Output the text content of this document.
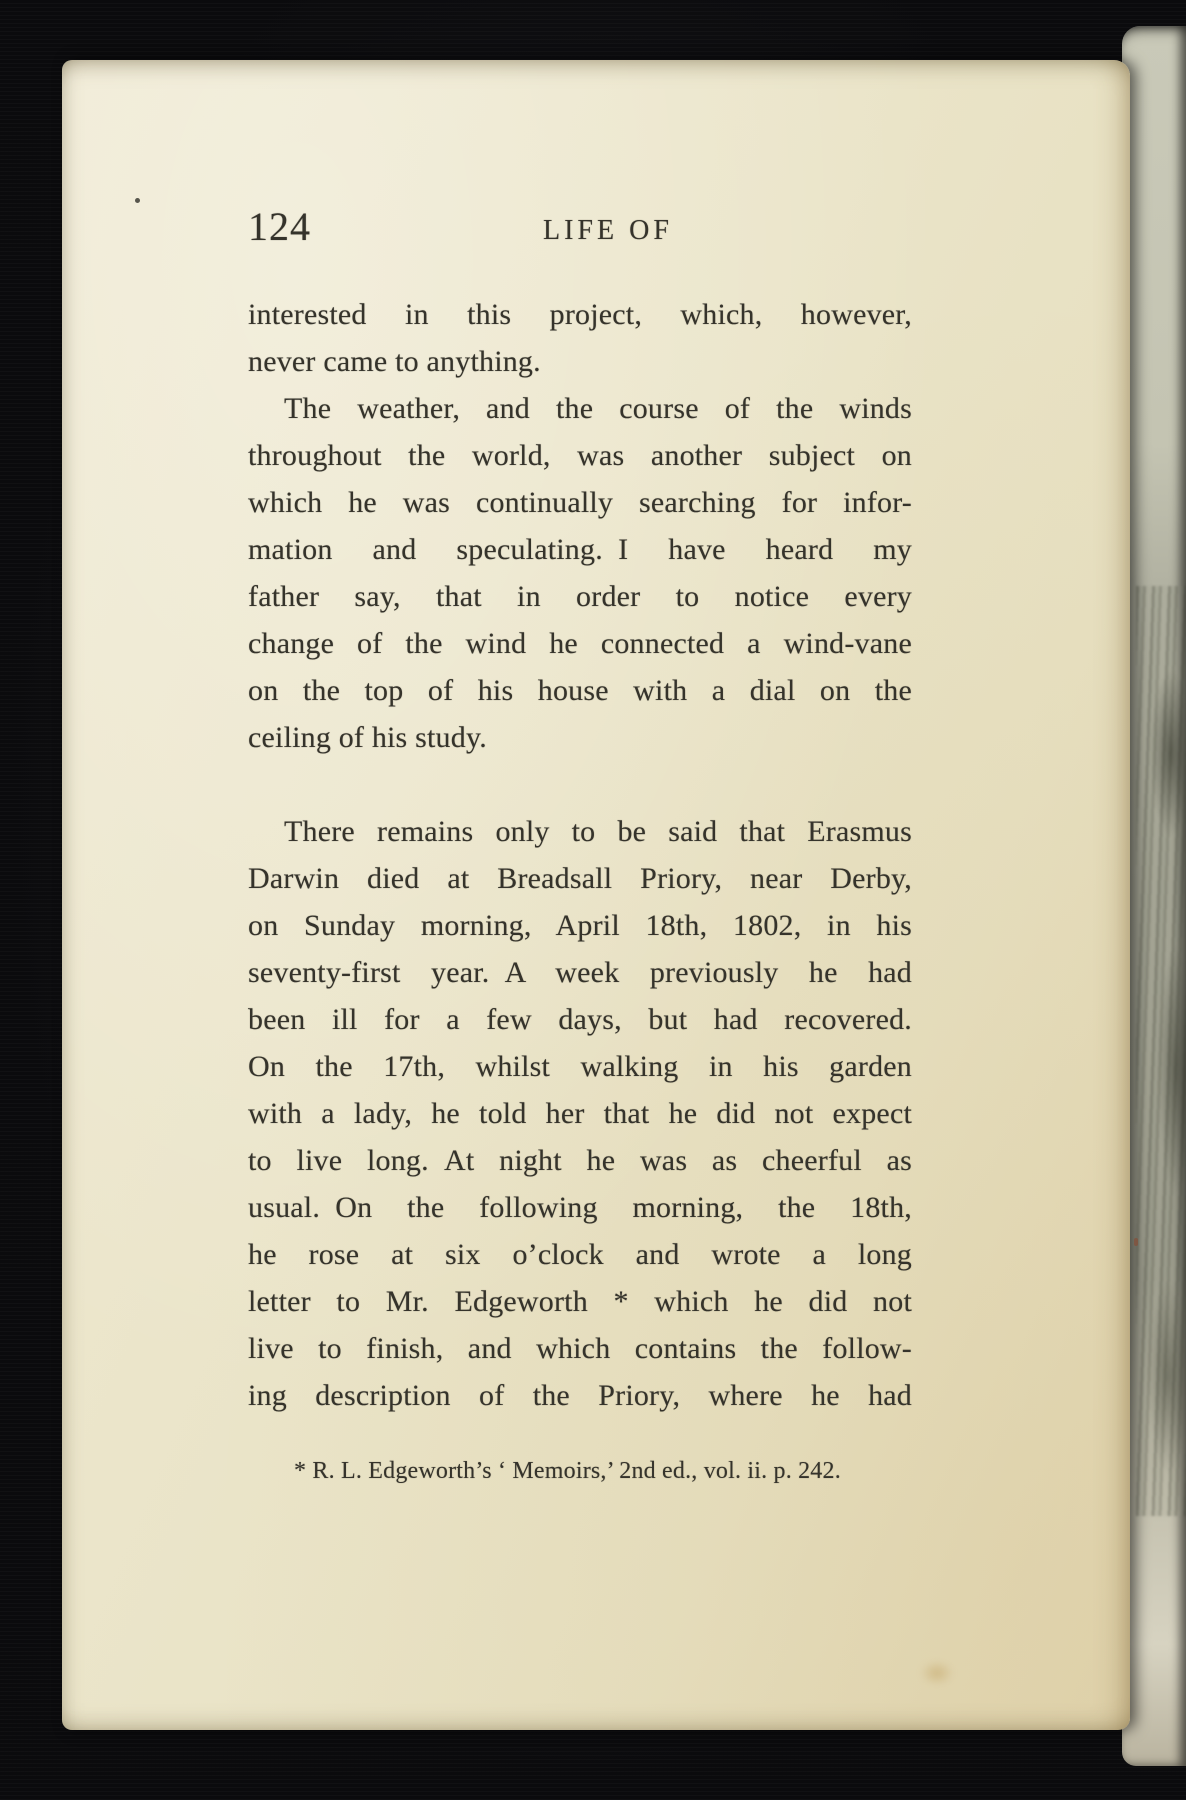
124	LIFE OF
interested in this project, which, however,
never came to anything.
The weather, and the course of the winds
throughout the world, was another subject on
which he was continually searching for infor-
mation and speculating. I have heard my
father say, that in order to notice every
change of the wind he connected a wind-vane
on the top of his house with a dial on the
ceiling of his study.
There remains only to be said that Erasmus
Darwin died at Breadsall Priory, near Derby,
on Sunday morning, April 18th, 1802, in his
seventy-first year. A week previously he had
been ill for a few days, but had recovered.
On the 17th, whilst walking in his garden
with a lady, he told her that he did not expect
to live long. At night he was as cheerful as
usual. On the following morning, the 18th,
he rose at six o’clock and wrote a long
letter to Mr. Edgeworth * which he did not
live to finish, and which contains the follow-
ing description of the Priory, where he had
* R. L. Edgeworth’s ‘ Memoirs,’ 2nd ed., vol. ii. p. 242.
